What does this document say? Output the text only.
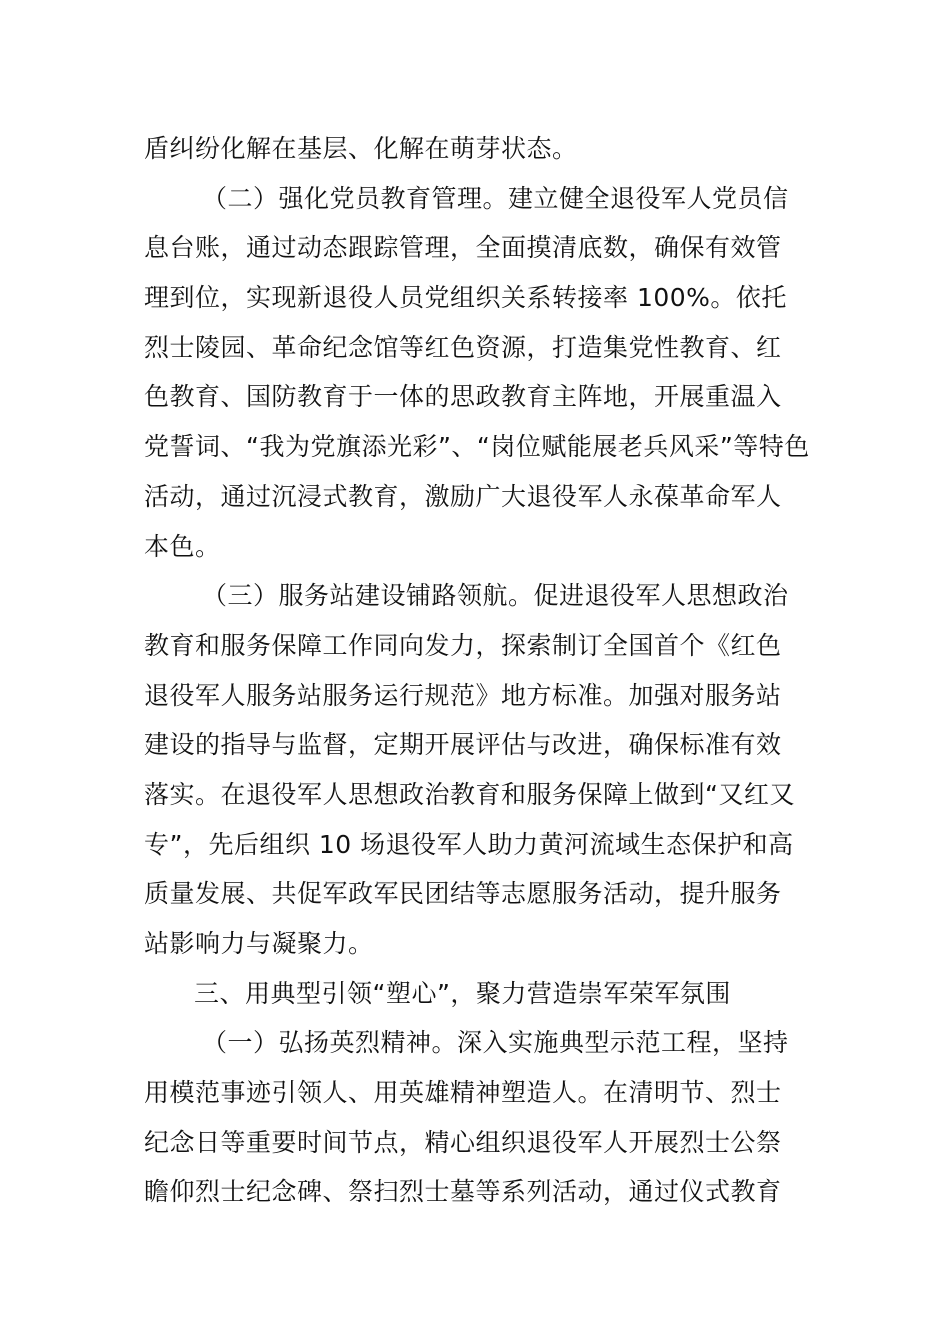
盾纠纷化解在基层、化解在萌芽状态。
（二）强化党员教育管理。建立健全退役军人党员信
息台账，通过动态跟踪管理，全面摸清底数，确保有效管
理到位，实现新退役人员党组织关系转接率 100%。依托
烈士陵园、革命纪念馆等红色资源，打造集党性教育、红
色教育、国防教育于一体的思政教育主阵地，开展重温入
党誓词、“我为党旗添光彩”、“岗位赋能展老兵风采”等特色
活动，通过沉浸式教育，激励广大退役军人永葆革命军人
本色。
（三）服务站建设铺路领航。促进退役军人思想政治
教育和服务保障工作同向发力，探索制订全国首个《红色
退役军人服务站服务运行规范》地方标准。加强对服务站
建设的指导与监督，定期开展评估与改进，确保标准有效
落实。在退役军人思想政治教育和服务保障上做到“又红又
专”，先后组织 10 场退役军人助力黄河流域生态保护和高
质量发展、共促军政军民团结等志愿服务活动，提升服务
站影响力与凝聚力。
三、用典型引领“塑心”，聚力营造崇军荣军氛围
（一）弘扬英烈精神。深入实施典型示范工程，坚持
用模范事迹引领人、用英雄精神塑造人。在清明节、烈士
纪念日等重要时间节点，精心组织退役军人开展烈士公祭
瞻仰烈士纪念碑、祭扫烈士墓等系列活动，通过仪式教育
